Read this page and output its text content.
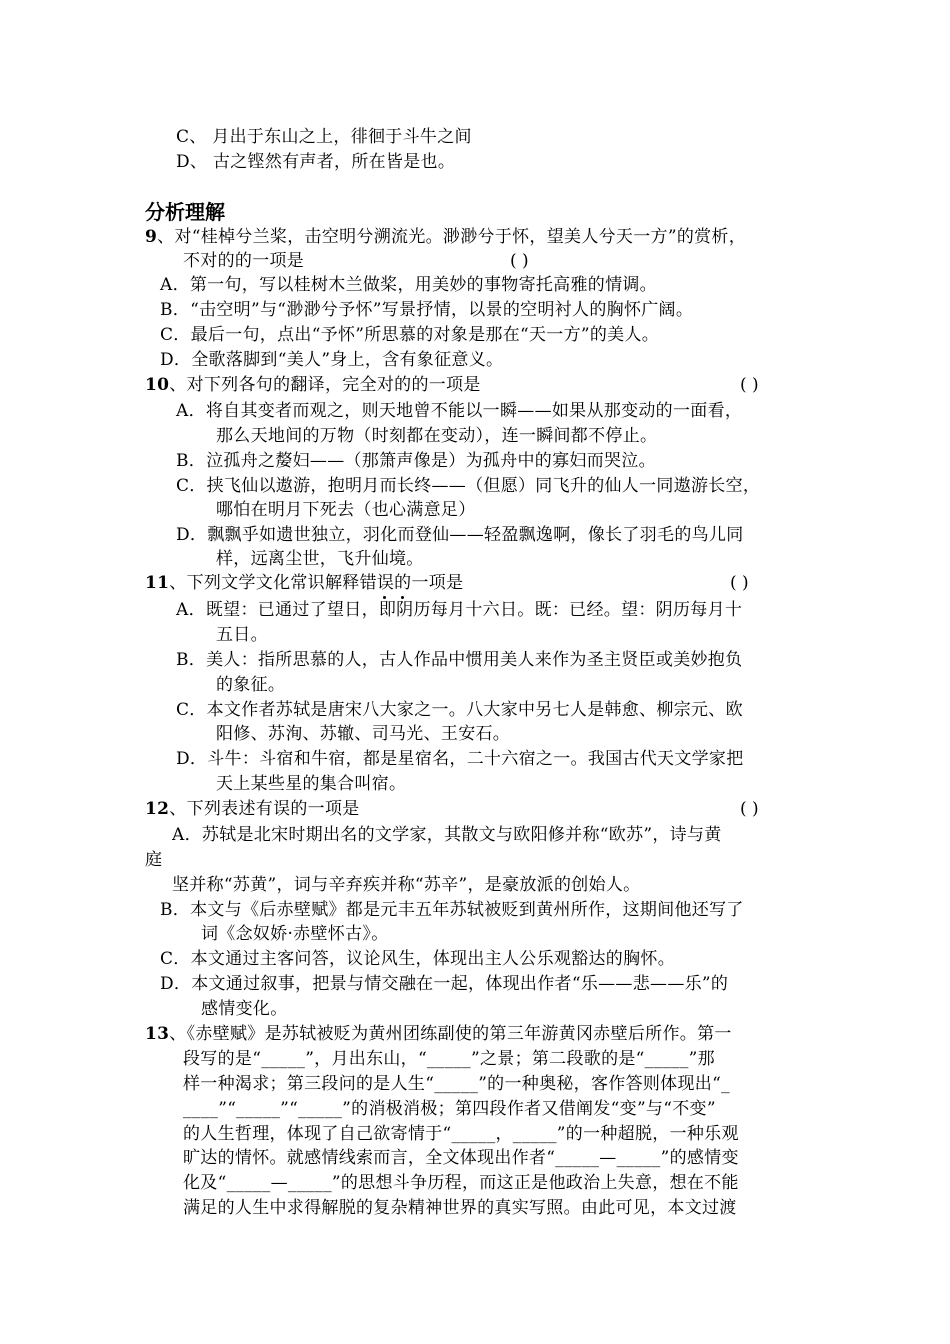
C、 月出于东山之上，徘徊于斗牛之间
D、 古之铿然有声者，所在皆是也。
分析理解
9、对“桂棹兮兰桨，击空明兮溯流光。渺渺兮于怀，望美人兮天一方”的赏析，
不对的的一项是	( )
A．第一句，写以桂树木兰做桨，用美妙的事物寄托高雅的情调。
B．“击空明”与“渺渺兮予怀”写景抒情，以景的空明衬人的胸怀广阔。
C．最后一句，点出“予怀”所思慕的对象是那在“天一方”的美人。
D．全歌落脚到“美人”身上，含有象征意义。
10、对下列各句的翻译，完全对的的一项是	( )
A．将自其变者而观之，则天地曾不能以一瞬——如果从那变动的一面看，
那么天地间的万物（时刻都在变动），连一瞬间都不停止。
B．泣孤舟之嫠妇——（那箫声像是）为孤舟中的寡妇而哭泣。
C．挟飞仙以遨游，抱明月而长终——（但愿）同飞升的仙人一同遨游长空，
哪怕在明月下死去（也心满意足）
D．飘飘乎如遗世独立，羽化而登仙——轻盈飘逸啊，像长了羽毛的鸟儿同
样，远离尘世，飞升仙境。
11、下列文学文化常识解释错误的一项是	( )
A．既望：已通过了望日，即阴历每月十六日。既：已经。望：阴历每月十
五日。
B．美人：指所思慕的人，古人作品中惯用美人来作为圣主贤臣或美妙抱负
的象征。
C．本文作者苏轼是唐宋八大家之一。八大家中另七人是韩愈、柳宗元、欧
阳修、苏洵、苏辙、司马光、王安石。
D．斗牛：斗宿和牛宿，都是星宿名，二十六宿之一。我国古代天文学家把
天上某些星的集合叫宿。
12、下列表述有误的一项是	( )
A．苏轼是北宋时期出名的文学家，其散文与欧阳修并称“欧苏”，诗与黄
庭
坚并称“苏黄”，词与辛弃疾并称“苏辛”，是豪放派的创始人。
B．本文与《后赤壁赋》都是元丰五年苏轼被贬到黄州所作，这期间他还写了
词《念奴娇·赤壁怀古》。
C．本文通过主客问答，议论风生，体现出主人公乐观豁达的胸怀。
D．本文通过叙事，把景与情交融在一起，体现出作者“乐——悲——乐”的
感情变化。
13、《赤壁赋》是苏轼被贬为黄州团练副使的第三年游黄冈赤壁后所作。第一
段写的是“_____”，月出东山，“_____”之景；第二段歌的是“_____”那
样一种渴求；第三段问的是人生“_____”的一种奥秘，客作答则体现出“_
____”“_____”“_____”的消极消极；第四段作者又借阐发“变”与“不变”
的人生哲理，体现了自己欲寄情于“_____，_____”的一种超脱，一种乐观
旷达的情怀。就感情线索而言，全文体现出作者“_____—_____”的感情变
化及“_____—_____”的思想斗争历程，而这正是他政治上失意，想在不能
满足的人生中求得解脱的复杂精神世界的真实写照。由此可见，本文过渡
